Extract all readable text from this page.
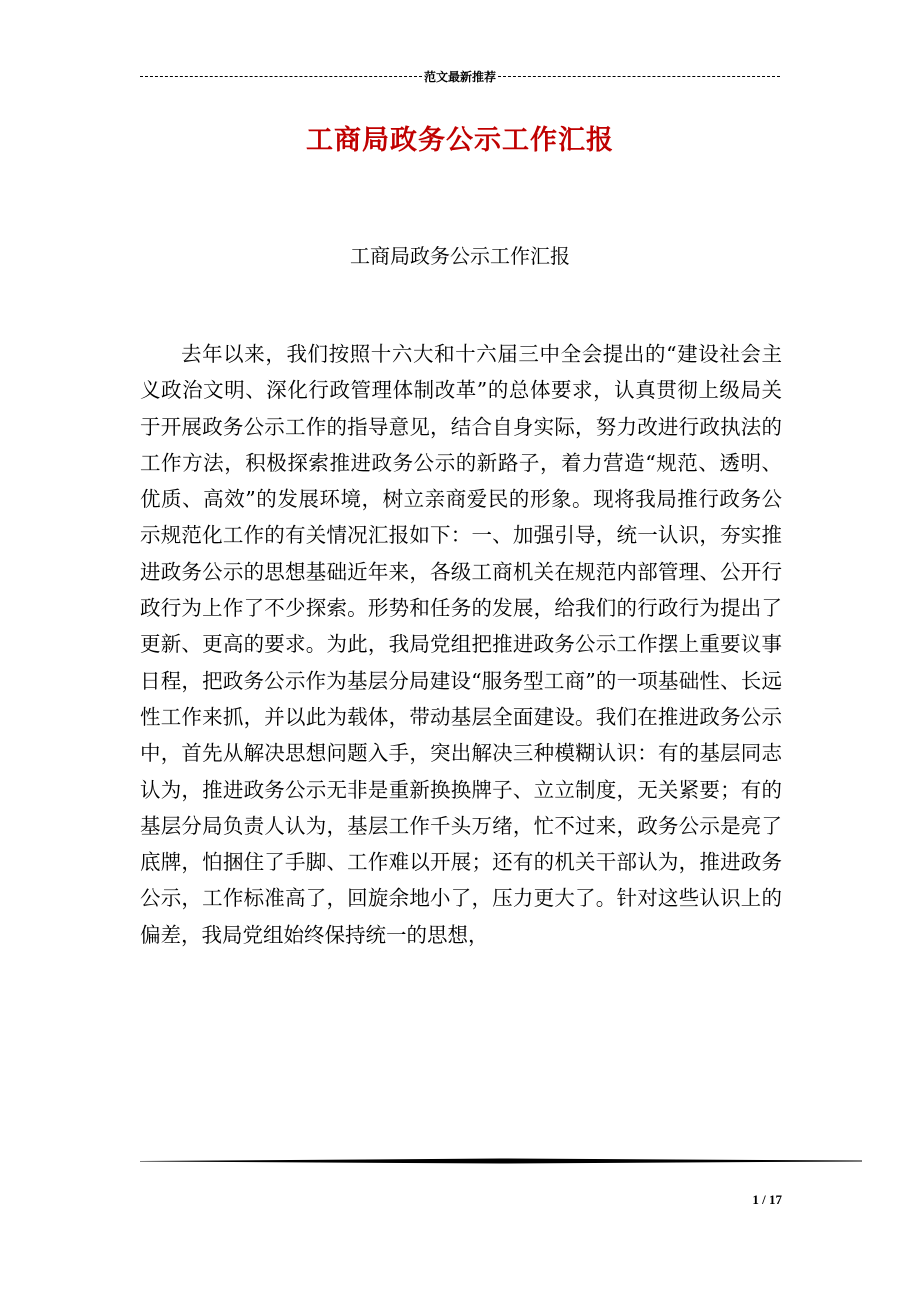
范文最新推荐
工商局政务公示工作汇报
工商局政务公示工作汇报

去年以来，我们按照十六大和十六届三中全会提出的“建设社会主义政治文明、深化行政管理体制改革”的总体要求，认真贯彻上级局关于开展政务公示工作的指导意见，结合自身实际，努力改进行政执法的工作方法，积极探索推进政务公示的新路子，着力营造“规范、透明、优质、高效”的发展环境，树立亲商爱民的形象。现将我局推行政务公示规范化工作的有关情况汇报如下：一、加强引导，统一认识，夯实推进政务公示的思想基础近年来，各级工商机关在规范内部管理、公开行政行为上作了不少探索。形势和任务的发展，给我们的行政行为提出了更新、更高的要求。为此，我局党组把推进政务公示工作摆上重要议事日程，把政务公示作为基层分局建设“服务型工商”的一项基础性、长远性工作来抓，并以此为载体，带动基层全面建设。我们在推进政务公示中，首先从解决思想问题入手，突出解决三种模糊认识：有的基层同志认为，推进政务公示无非是重新换换牌子、立立制度，无关紧要；有的基层分局负责人认为，基层工作千头万绪，忙不过来，政务公示是亮了底牌，怕捆住了手脚、工作难以开展；还有的机关干部认为，推进政务公示，工作标准高了，回旋余地小了，压力更大了。针对这些认识上的偏差，我局党组始终保持统一的思想，

1 / 17
